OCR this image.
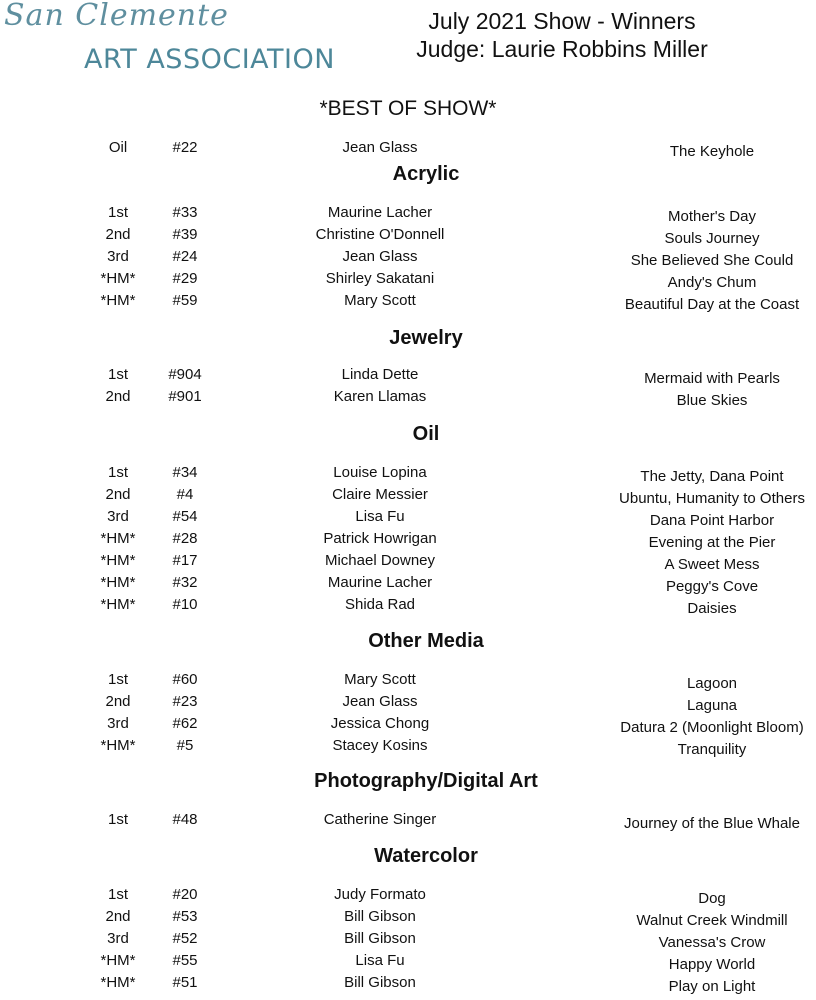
San Clemente
ART ASSOCIATION
July 2021 Show - Winners
Judge: Laurie Robbins Miller
*BEST OF SHOW*
Oil	#22	Jean Glass	The Keyhole
Acrylic
1st	#33	Maurine Lacher	Mother's Day
2nd	#39	Christine O'Donnell	Souls Journey
3rd	#24	Jean Glass	She Believed She Could
*HM*	#29	Shirley Sakatani	Andy's Chum
*HM*	#59	Mary Scott	Beautiful Day at the Coast
Jewelry
1st	#904	Linda Dette	Mermaid with Pearls
2nd	#901	Karen Llamas	Blue Skies
Oil
1st	#34	Louise Lopina	The Jetty, Dana Point
2nd	#4	Claire Messier	Ubuntu, Humanity to Others
3rd	#54	Lisa Fu	Dana Point Harbor
*HM*	#28	Patrick Howrigan	Evening at the Pier
*HM*	#17	Michael Downey	A Sweet Mess
*HM*	#32	Maurine Lacher	Peggy's Cove
*HM*	#10	Shida Rad	Daisies
Other Media
1st	#60	Mary Scott	Lagoon
2nd	#23	Jean Glass	Laguna
3rd	#62	Jessica Chong	Datura 2 (Moonlight Bloom)
*HM*	#5	Stacey Kosins	Tranquility
Photography/Digital Art
1st	#48	Catherine Singer	Journey of the Blue Whale
Watercolor
1st	#20	Judy Formato	Dog
2nd	#53	Bill Gibson	Walnut Creek Windmill
3rd	#52	Bill Gibson	Vanessa's Crow
*HM*	#55	Lisa Fu	Happy World
*HM*	#51	Bill Gibson	Play on Light
